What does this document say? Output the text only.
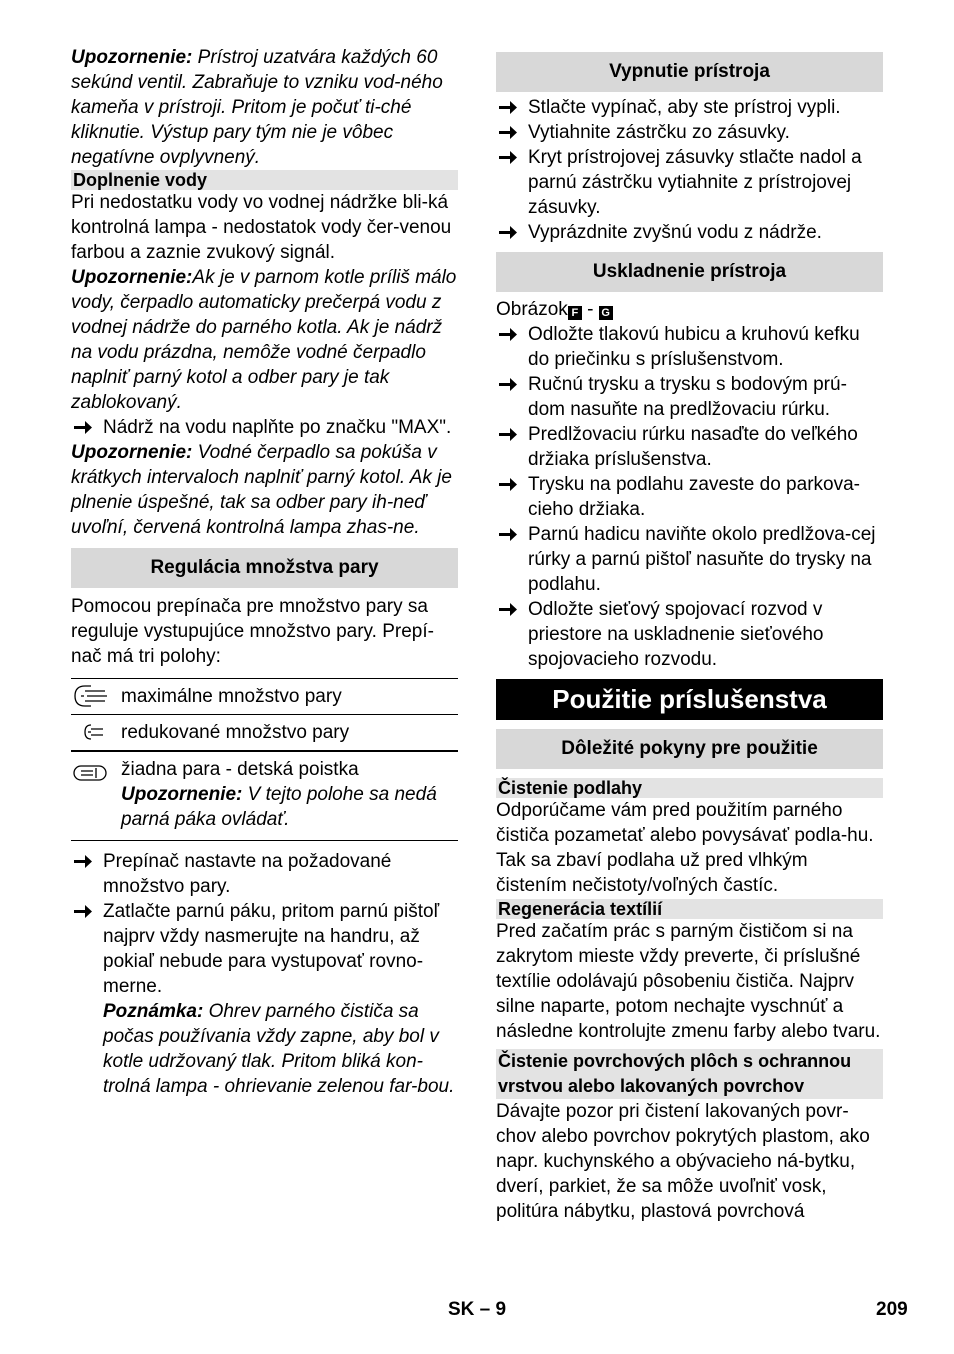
Upozornenie: Prístroj uzatvára každých 60 sekúnd ventil. Zabraňuje to vzniku vod-ného kameňa v prístroji. Pritom je počuť ti-ché kliknutie. Výstup pary tým nie je vôbec negatívne ovplyvnený.

Doplnenie vody

Pri nedostatku vody vo vodnej nádržke bli-ká kontrolná lampa - nedostatok vody čer-venou farbou a zaznie zvukový signál.

Upozornenie:Ak je v parnom kotle príliš málo vody, čerpadlo automaticky prečerpá vodu z vodnej nádrže do parného kotla. Ak je nádrž na vodu prázdna, nemôže vodné čerpadlo naplniť parný kotol a odber pary je tak zablokovaný.

Nádrž na vodu naplňte po značku "MAX".

Upozornenie: Vodné čerpadlo sa pokúša v krátkych intervaloch naplniť parný kotol. Ak je plnenie úspešné, tak sa odber pary ih-neď uvoľní, červená kontrolná lampa zhas-ne.

Regulácia množstva pary

Pomocou prepínača pre množstvo pary sa reguluje vystupujúce množstvo pary. Prepí-nač má tri polohy:

	maximálne množstvo pary

	redukované množstvo pary

žiadna para - detská poistka
Upozornenie: V tejto polohe sa nedá parná páka ovládať.
Prepínač nastavte na požadované množstvo pary.
Zatlačte parnú páku, pritom parnú pištoľ najprv vždy nasmerujte na handru, až pokiaľ nebude para vystupovať rovno-merne.
Poznámka: Ohrev parného čističa sa počas používania vždy zapne, aby bol v kotle udržovaný tlak. Pritom bliká kon-trolná lampa - ohrievanie zelenou far-bou.
Vypnutie prístroja
Stlačte vypínač, aby ste prístroj vypli.
Vytiahnite zástrčku zo zásuvky.
Kryt prístrojovej zásuvky stlačte nadol a parnú zástrčku vytiahnite z prístrojovej zásuvky.
Vyprázdnite zvyšnú vodu z nádrže.
Uskladnenie prístroja

Obrázok F - G

Odložte tlakovú hubicu a kruhovú kefku do priečinku s príslušenstvom.
Ručnú trysku a trysku s bodovým prú-dom nasuňte na predlžovaciu rúrku.
Predlžovaciu rúrku nasaďte do veľkého držiaka príslušenstva.
Trysku na podlahu zaveste do parkova-cieho držiaka.
Parnú hadicu naviňte okolo predlžova-cej rúrky a parnú pištoľ nasuňte do trysky na podlahu.
Odložte sieťový spojovací rozvod v priestore na uskladnenie sieťového spojovacieho rozvodu.
Použitie príslušenstva
Dôležité pokyny pre použitie

Čistenie podlahy

Odporúčame vám pred použitím parného čističa pozametať alebo povysávať podla-hu. Tak sa zbaví podlaha už pred vlhkým čistením nečistoty/voľných častíc.

Regenerácia textílií

Pred začatím prác s parným čističom si na zakrytom mieste vždy preverte, či príslušné textílie odolávajú pôsobeniu čističa. Najprv silne naparte, potom nechajte vyschnúť a následne kontrolujte zmenu farby alebo tvaru.

Čistenie povrchových plôch s ochrannou vrstvou alebo lakovaných povrchov

Dávajte pozor pri čistení lakovaných povr-chov alebo povrchov pokrytých plastom, ako napr. kuchynského a obývacieho ná-bytku, dverí, parkiet, že sa môže uvoľniť vosk, politúra nábytku, plastová povrchová

SK – 9	209
